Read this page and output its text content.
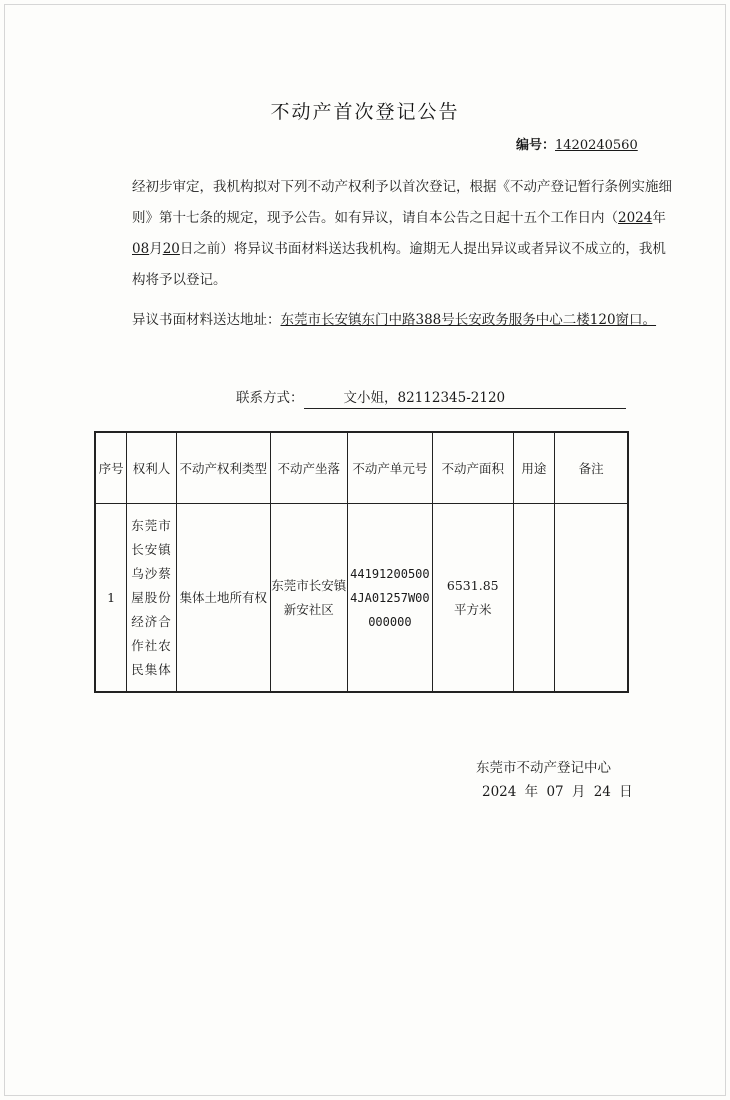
不动产首次登记公告
编号：1420240560

经初步审定，我机构拟对下列不动产权利予以首次登记，根据《不动产登记暂行条例实施细则》第十七条的规定，现予公告。如有异议，请自本公告之日起十五个工作日内（2024年08月20日之前）将异议书面材料送达我机构。逾期无人提出异议或者异议不成立的，我机构将予以登记。

异议书面材料送达地址：东莞市长安镇东门中路388号长安政务服务中心二楼120窗口。

联系方式：	文小姐，82112345-2120
序号	权利人	不动产权利类型	不动产坐落	不动产单元号	不动产面积	用途	备注
1	东莞市长安镇乌沙蔡屋股份经济合作社农民集体	集体土地所有权	东莞市长安镇新安社区	441912005004JA01257W00000000	6531.85平方米		
东莞市不动产登记中心
2024 年 07 月 24 日
